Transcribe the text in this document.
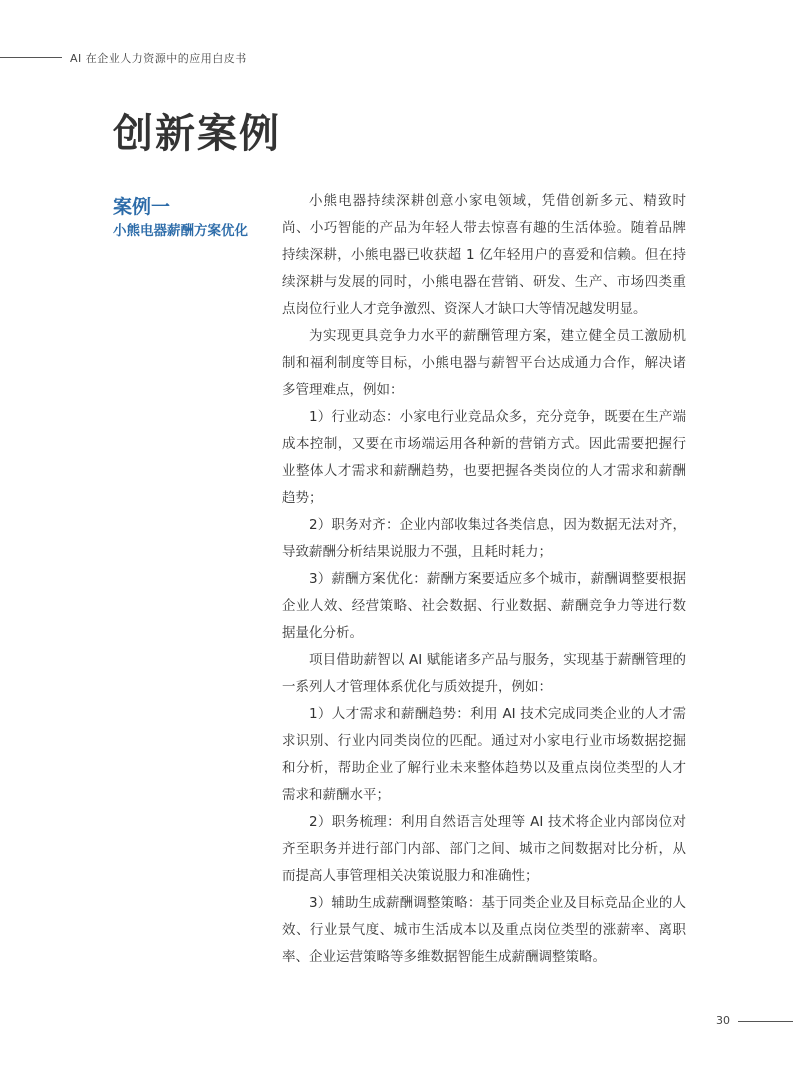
AI 在企业人力资源中的应用白皮书
创新案例
案例一
小熊电器薪酬方案优化

小熊电器持续深耕创意小家电领域，凭借创新多元、精致时尚、小巧智能的产品为年轻人带去惊喜有趣的生活体验。随着品牌持续深耕，小熊电器已收获超 1 亿年轻用户的喜爱和信赖。但在持续深耕与发展的同时，小熊电器在营销、研发、生产、市场四类重点岗位行业人才竞争激烈、资深人才缺口大等情况越发明显。

为实现更具竞争力水平的薪酬管理方案，建立健全员工激励机制和福利制度等目标，小熊电器与薪智平台达成通力合作，解决诸多管理难点，例如：

1）行业动态：小家电行业竞品众多，充分竞争，既要在生产端成本控制，又要在市场端运用各种新的营销方式。因此需要把握行业整体人才需求和薪酬趋势，也要把握各类岗位的人才需求和薪酬趋势；

2）职务对齐：企业内部收集过各类信息，因为数据无法对齐，导致薪酬分析结果说服力不强，且耗时耗力；

3）薪酬方案优化：薪酬方案要适应多个城市，薪酬调整要根据企业人效、经营策略、社会数据、行业数据、薪酬竞争力等进行数据量化分析。

项目借助薪智以 AI 赋能诸多产品与服务，实现基于薪酬管理的一系列人才管理体系优化与质效提升，例如：

1）人才需求和薪酬趋势：利用 AI 技术完成同类企业的人才需求识别、行业内同类岗位的匹配。通过对小家电行业市场数据挖掘和分析，帮助企业了解行业未来整体趋势以及重点岗位类型的人才需求和薪酬水平；

2）职务梳理：利用自然语言处理等 AI 技术将企业内部岗位对齐至职务并进行部门内部、部门之间、城市之间数据对比分析，从而提高人事管理相关决策说服力和准确性；

3）辅助生成薪酬调整策略：基于同类企业及目标竞品企业的人效、行业景气度、城市生活成本以及重点岗位类型的涨薪率、离职率、企业运营策略等多维数据智能生成薪酬调整策略。

30
